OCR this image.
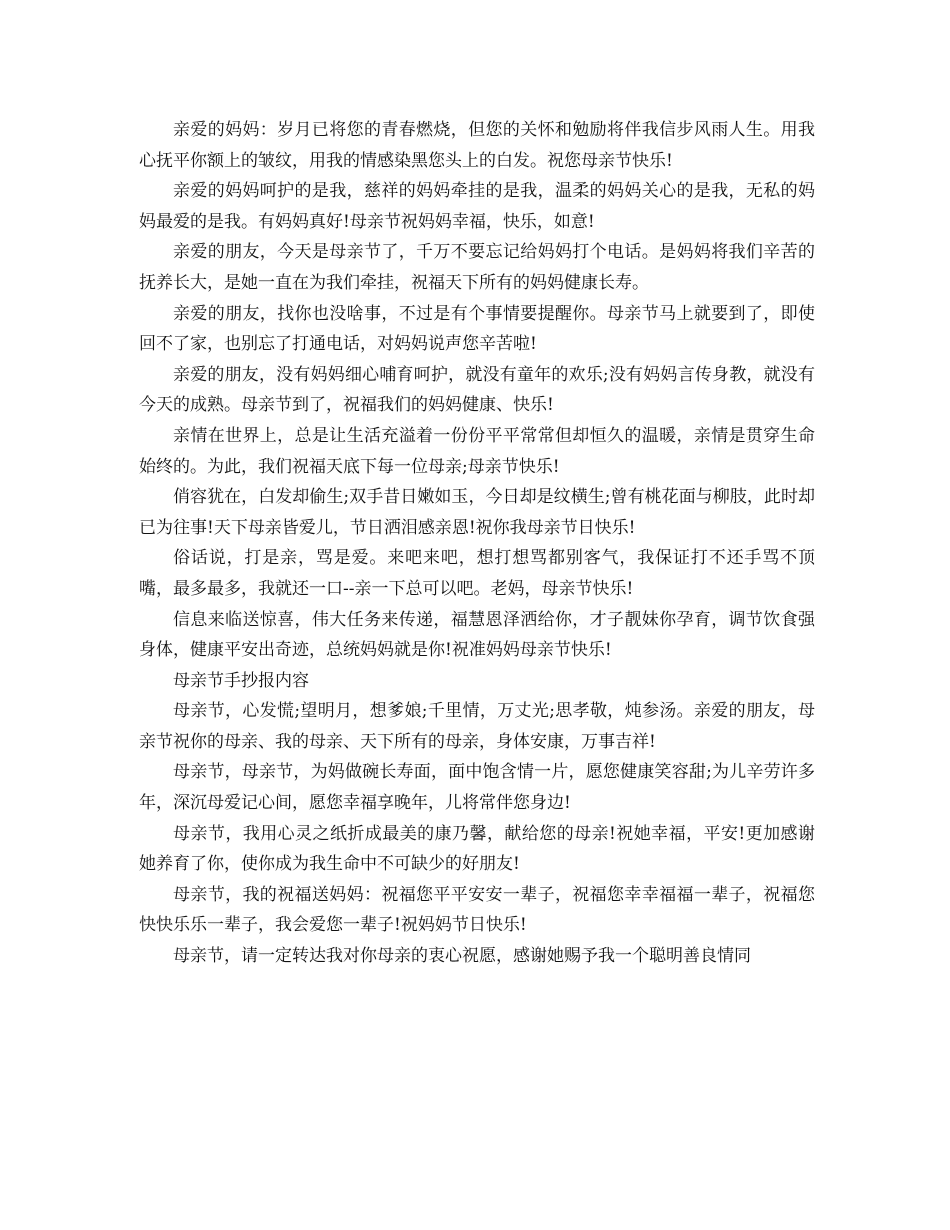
亲爱的妈妈：岁月已将您的青春燃烧，但您的关怀和勉励将伴我信步风雨人生。用我心抚平你额上的皱纹，用我的情感染黑您头上的白发。祝您母亲节快乐!

亲爱的妈妈呵护的是我，慈祥的妈妈牵挂的是我，温柔的妈妈关心的是我，无私的妈妈最爱的是我。有妈妈真好!母亲节祝妈妈幸福，快乐，如意!

亲爱的朋友，今天是母亲节了，千万不要忘记给妈妈打个电话。是妈妈将我们辛苦的抚养长大，是她一直在为我们牵挂，祝福天下所有的妈妈健康长寿。

亲爱的朋友，找你也没啥事，不过是有个事情要提醒你。母亲节马上就要到了，即使回不了家，也别忘了打通电话，对妈妈说声您辛苦啦!

亲爱的朋友，没有妈妈细心哺育呵护，就没有童年的欢乐;没有妈妈言传身教，就没有今天的成熟。母亲节到了，祝福我们的妈妈健康、快乐!

亲情在世界上，总是让生活充溢着一份份平平常常但却恒久的温暖，亲情是贯穿生命始终的。为此，我们祝福天底下每一位母亲;母亲节快乐!

俏容犹在，白发却偷生;双手昔日嫩如玉，今日却是纹横生;曾有桃花面与柳肢，此时却已为往事!天下母亲皆爱儿，节日洒泪感亲恩!祝你我母亲节日快乐!

俗话说，打是亲，骂是爱。来吧来吧，想打想骂都别客气，我保证打不还手骂不顶嘴，最多最多，我就还一口--亲一下总可以吧。老妈，母亲节快乐!

信息来临送惊喜，伟大任务来传递，福慧恩泽洒给你，才子靓妹你孕育，调节饮食强身体，健康平安出奇迹，总统妈妈就是你!祝准妈妈母亲节快乐!

母亲节手抄报内容

母亲节，心发慌;望明月，想爹娘;千里情，万丈光;思孝敬，炖参汤。亲爱的朋友，母亲节祝你的母亲、我的母亲、天下所有的母亲，身体安康，万事吉祥!

母亲节，母亲节，为妈做碗长寿面，面中饱含情一片，愿您健康笑容甜;为儿辛劳许多年，深沉母爱记心间，愿您幸福享晚年，儿将常伴您身边!

母亲节，我用心灵之纸折成最美的康乃馨，献给您的母亲!祝她幸福，平安!更加感谢她养育了你，使你成为我生命中不可缺少的好朋友!

母亲节，我的祝福送妈妈：祝福您平平安安一辈子，祝福您幸幸福福一辈子，祝福您快快乐乐一辈子，我会爱您一辈子!祝妈妈节日快乐!

母亲节，请一定转达我对你母亲的衷心祝愿，感谢她赐予我一个聪明善良情同
